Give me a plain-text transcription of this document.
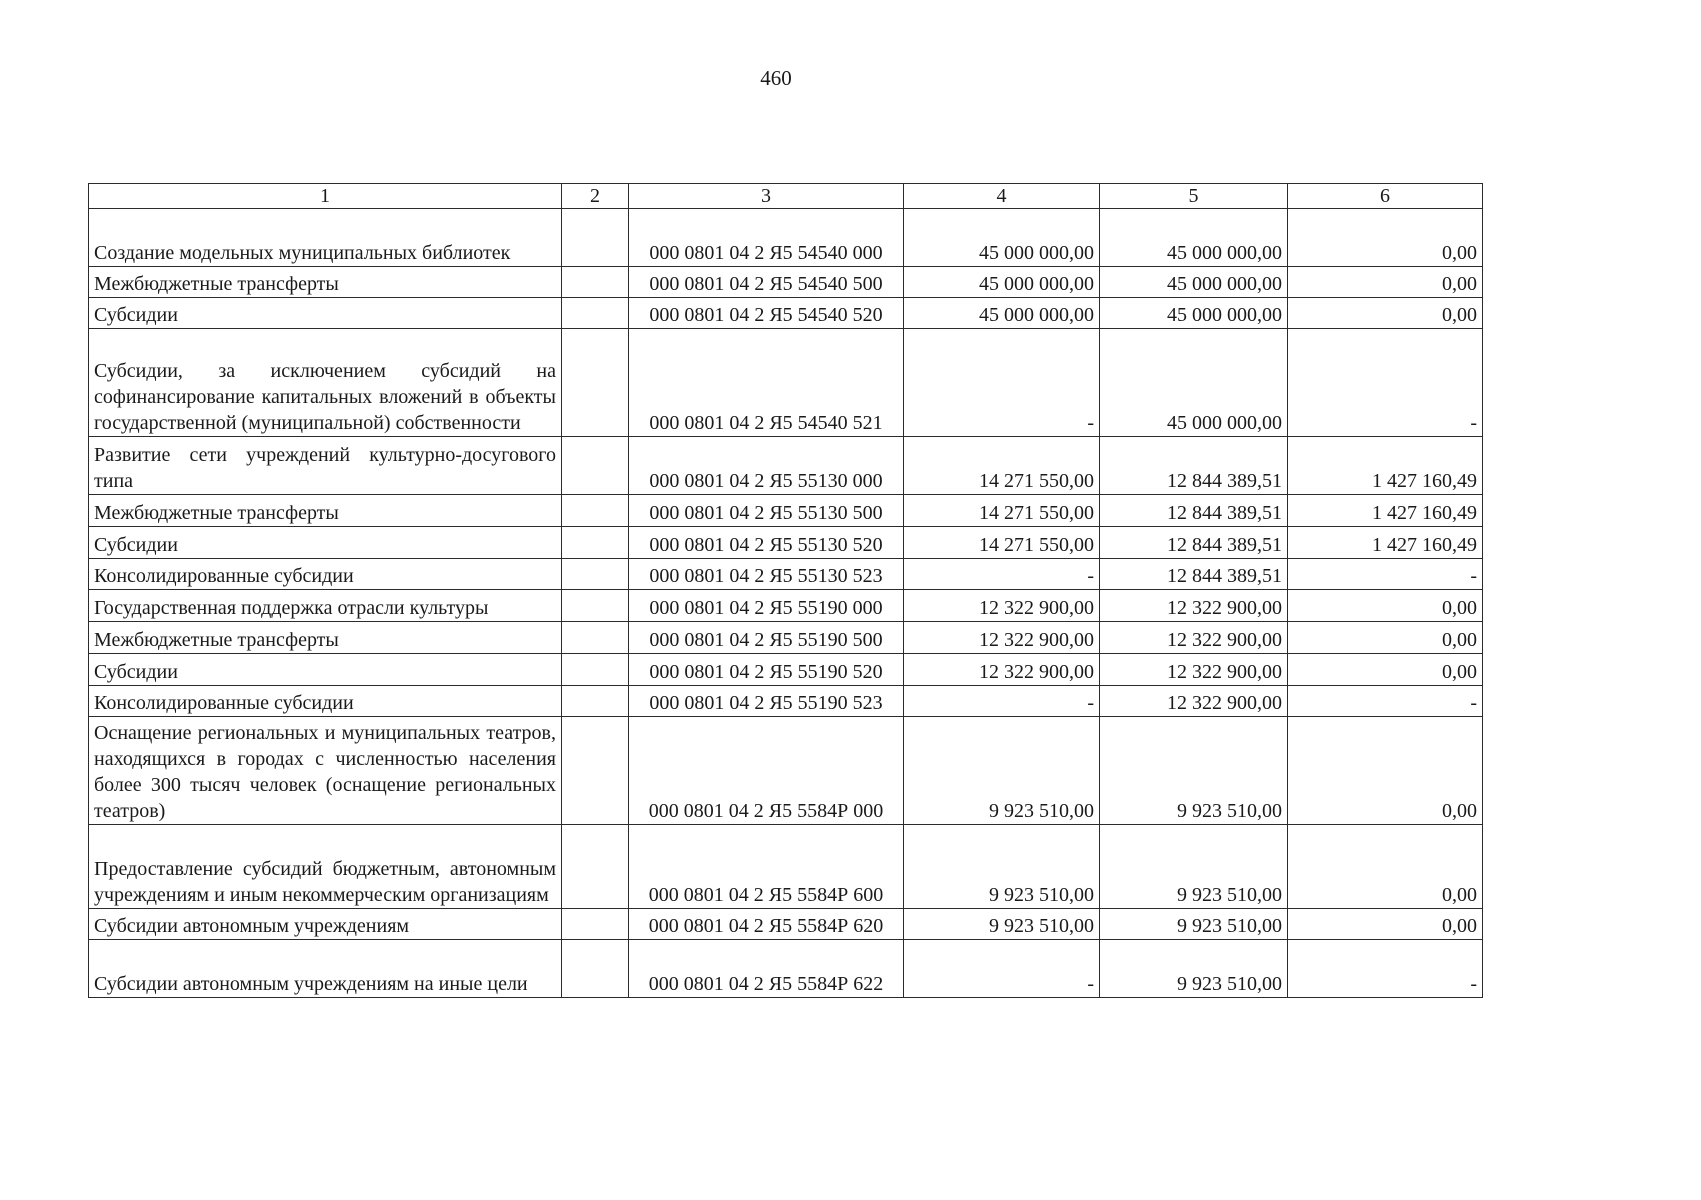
460
1	2	3	4	5	6
Создание модельных муниципальных библиотек		000 0801 04 2 Я5 54540 000	45 000 000,00	45 000 000,00	0,00
Межбюджетные трансферты		000 0801 04 2 Я5 54540 500	45 000 000,00	45 000 000,00	0,00
Субсидии		000 0801 04 2 Я5 54540 520	45 000 000,00	45 000 000,00	0,00
Субсидии, за исключением субсидий на софинансирование капитальных вложений в объекты государственной (муниципальной) собственности		000 0801 04 2 Я5 54540 521	-	45 000 000,00	-
Развитие сети учреждений культурно-досугового типа		000 0801 04 2 Я5 55130 000	14 271 550,00	12 844 389,51	1 427 160,49
Межбюджетные трансферты		000 0801 04 2 Я5 55130 500	14 271 550,00	12 844 389,51	1 427 160,49
Субсидии		000 0801 04 2 Я5 55130 520	14 271 550,00	12 844 389,51	1 427 160,49
Консолидированные субсидии		000 0801 04 2 Я5 55130 523	-	12 844 389,51	-
Государственная поддержка отрасли культуры		000 0801 04 2 Я5 55190 000	12 322 900,00	12 322 900,00	0,00
Межбюджетные трансферты		000 0801 04 2 Я5 55190 500	12 322 900,00	12 322 900,00	0,00
Субсидии		000 0801 04 2 Я5 55190 520	12 322 900,00	12 322 900,00	0,00
Консолидированные субсидии		000 0801 04 2 Я5 55190 523	-	12 322 900,00	-
Оснащение региональных и муниципальных театров, находящихся в городах с численностью населения более 300 тысяч человек (оснащение региональных театров)		000 0801 04 2 Я5 5584Р 000	9 923 510,00	9 923 510,00	0,00
Предоставление субсидий бюджетным, автономным учреждениям и иным некоммерческим организациям		000 0801 04 2 Я5 5584Р 600	9 923 510,00	9 923 510,00	0,00
Субсидии автономным учреждениям		000 0801 04 2 Я5 5584Р 620	9 923 510,00	9 923 510,00	0,00
Субсидии автономным учреждениям на иные цели		000 0801 04 2 Я5 5584Р 622	-	9 923 510,00	-
